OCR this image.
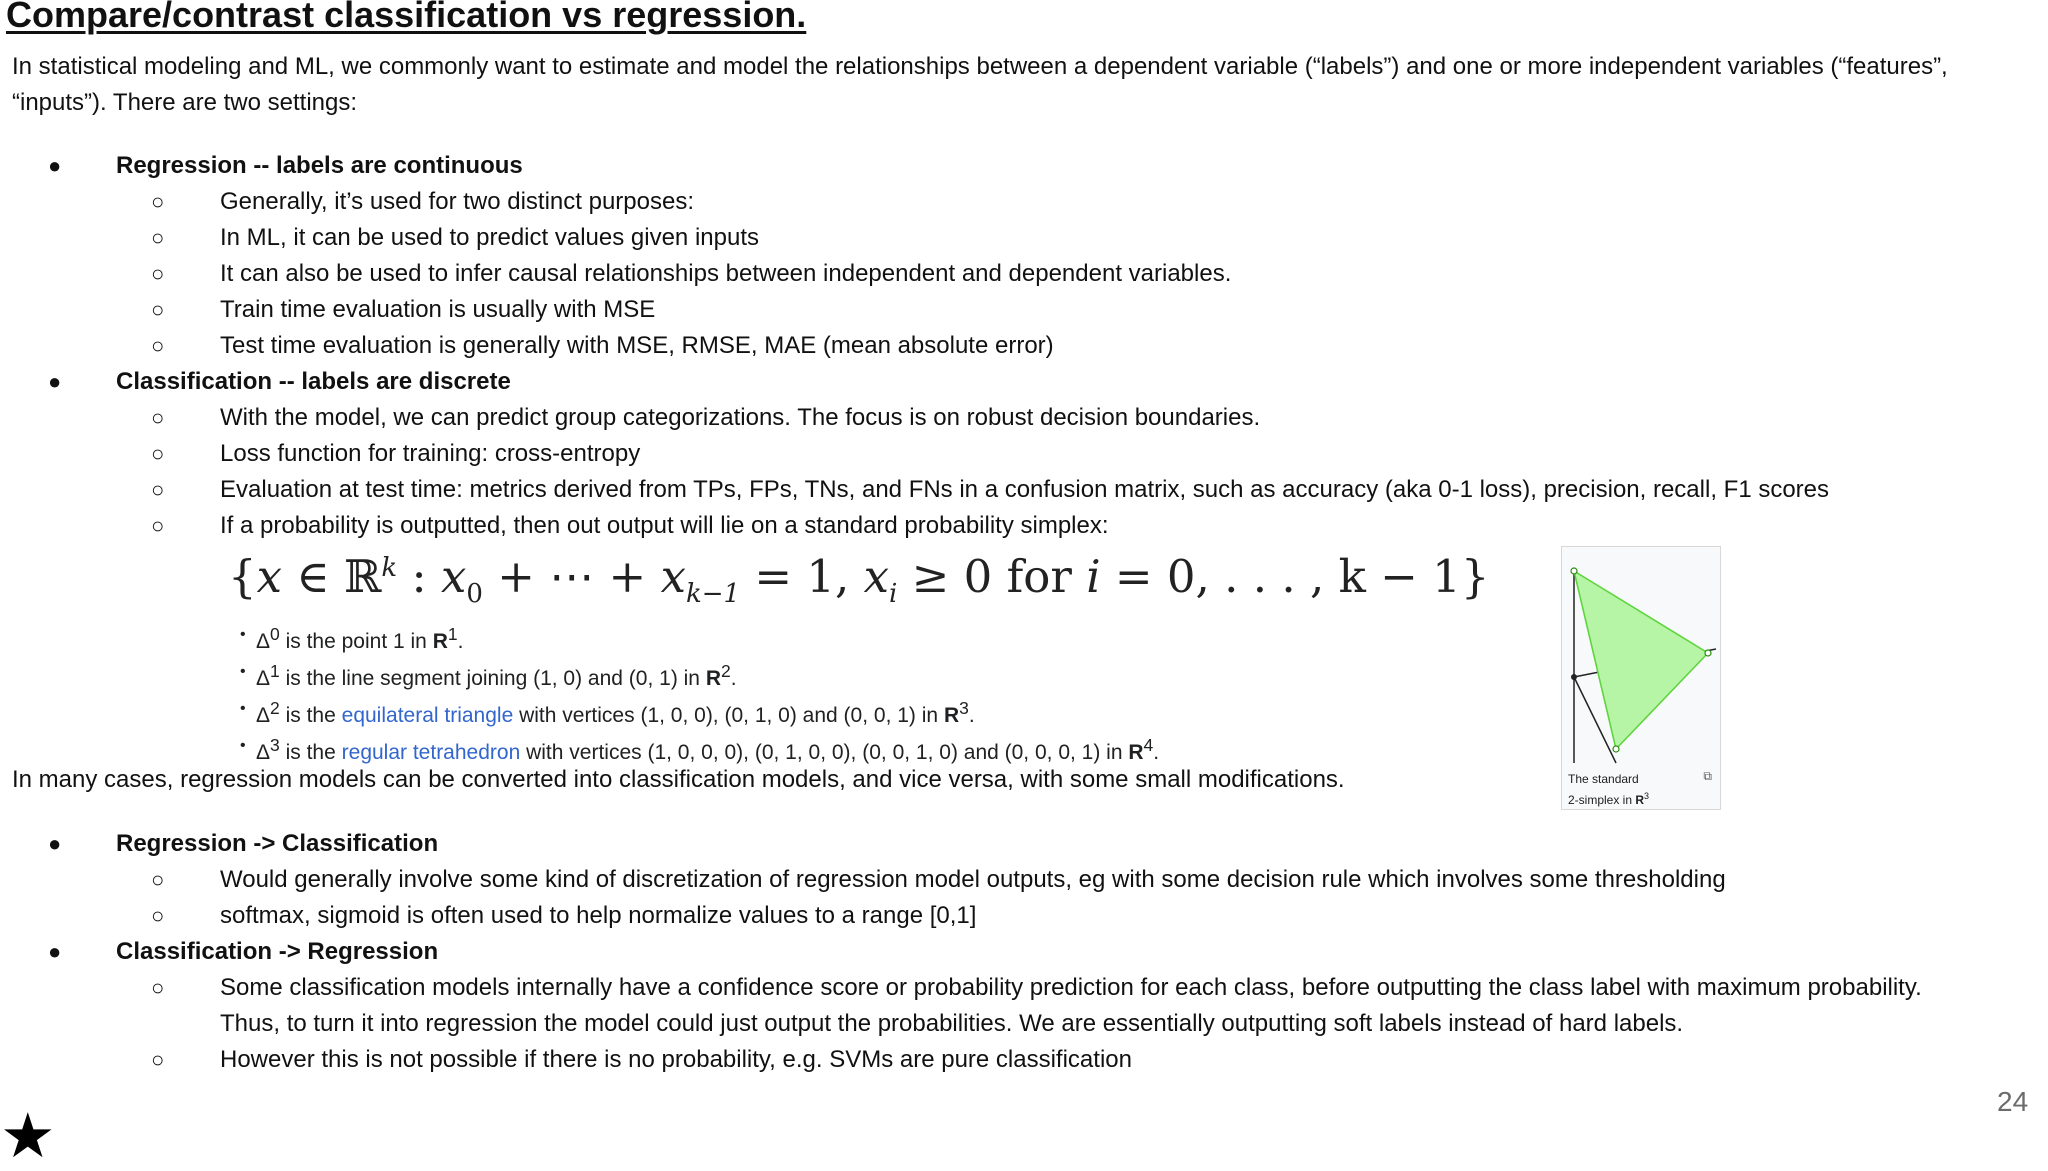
Compare/contrast classification vs regression.
In statistical modeling and ML, we commonly want to estimate and model the relationships between a dependent variable (“labels”) and one or more independent variables (“features”, “inputs”). There are two settings:
● Regression -- labels are continuous
○ Generally, it’s used for two distinct purposes:
○ In ML, it can be used to predict values given inputs
○ It can also be used to infer causal relationships between independent and dependent variables.
○ Train time evaluation is usually with MSE
○ Test time evaluation is generally with MSE, RMSE, MAE (mean absolute error)
● Classification -- labels are discrete
○ With the model, we can predict group categorizations. The focus is on robust decision boundaries.
○ Loss function for training: cross-entropy
○ Evaluation at test time: metrics derived from TPs, FPs, TNs, and FNs in a confusion matrix, such as accuracy (aka 0-1 loss), precision, recall, F1 scores
○ If a probability is outputted, then out output will lie on a standard probability simplex:
{x ∈ ℝ$^k$ : $x_0$ + ⋯ + $x_{k-1} = 1$, $x_i \ge 0$ for i = 0, . . . , k − 1}
• $\Delta^0$ is the point 1 in $R^1$.
• $\Delta^1$ is the line segment joining (1, 0) and (0, 1) in $R^2$.
• $\Delta^2$ is the equilateral triangle with vertices (1, 0, 0), (0, 1, 0) and (0, 0, 1) in $R^3$.
• $\Delta^3$ is the regular tetrahedron with vertices (1, 0, 0, 0), (0, 1, 0, 0), (0, 0, 1, 0) and (0, 0, 0, 1) in $R^4$.
The standard
2-simplex in $R^3$
⧉
In many cases, regression models can be converted into classification models, and vice versa, with some small modifications.
● Regression -> Classification
○ Would generally involve some kind of discretization of regression model outputs, eg with some decision rule which involves some thresholding
○ softmax, sigmoid is often used to help normalize values to a range [0,1]
● Classification -> Regression
○ Some classification models internally have a confidence score or probability prediction for each class, before outputting the class label with maximum probability. Thus, to turn it into regression the model could just output the probabilities. We are essentially outputting soft labels instead of hard labels.
○ However this is not possible if there is no probability, e.g. SVMs are pure classification
24
★
